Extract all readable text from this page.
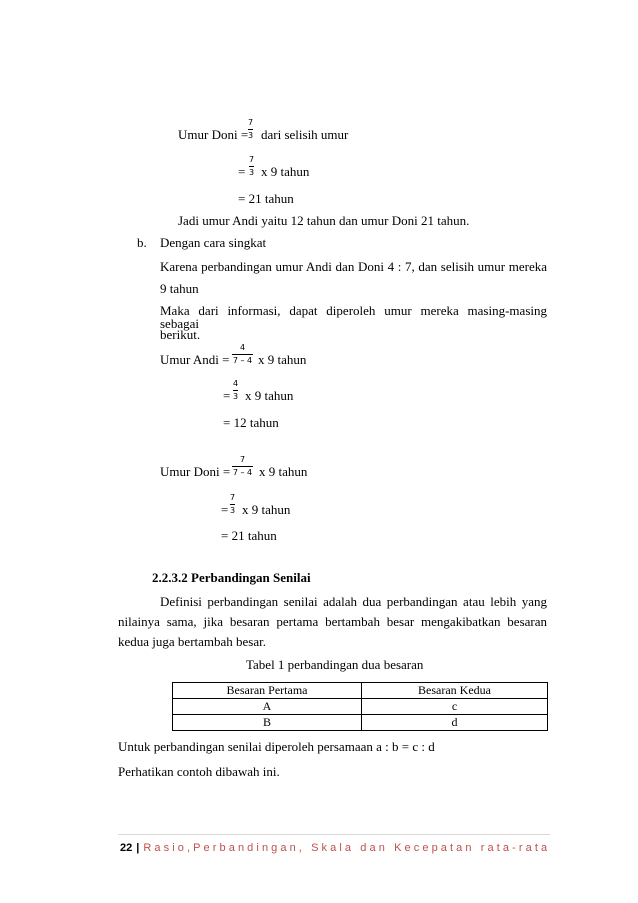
Umur Doni = $\frac{7}{3}$ dari selisih umur
= $\frac{7}{3}$ x 9 tahun
= 21 tahun
Jadi umur Andi yaitu 12 tahun dan umur Doni 21 tahun.
b. Dengan cara singkat
Karena perbandingan umur Andi dan Doni 4 : 7, dan selisih umur mereka
9 tahun
Maka dari informasi, dapat diperoleh umur mereka masing-masing sebagai
berikut.
Umur Andi = $\frac{4}{7 - 4}$ x 9 tahun
= $\frac{4}{3}$ x 9 tahun
= 12 tahun
Umur Doni = $\frac{7}{7 - 4}$ x 9 tahun
= $\frac{7}{3}$ x 9 tahun
= 21 tahun
2.2.3.2 Perbandingan Senilai
Definisi perbandingan senilai adalah dua perbandingan atau lebih yang
nilainya sama, jika besaran pertama bertambah besar mengakibatkan besaran
kedua juga bertambah besar.
Tabel 1 perbandingan dua besaran
Besaran Pertama	Besaran Kedua
A	c
B	d
Untuk perbandingan senilai diperoleh persamaan a : b = c : d
Perhatikan contoh dibawah ini.
22 | Rasio,Perbandingan, Skala dan Kecepatan rata-rata
